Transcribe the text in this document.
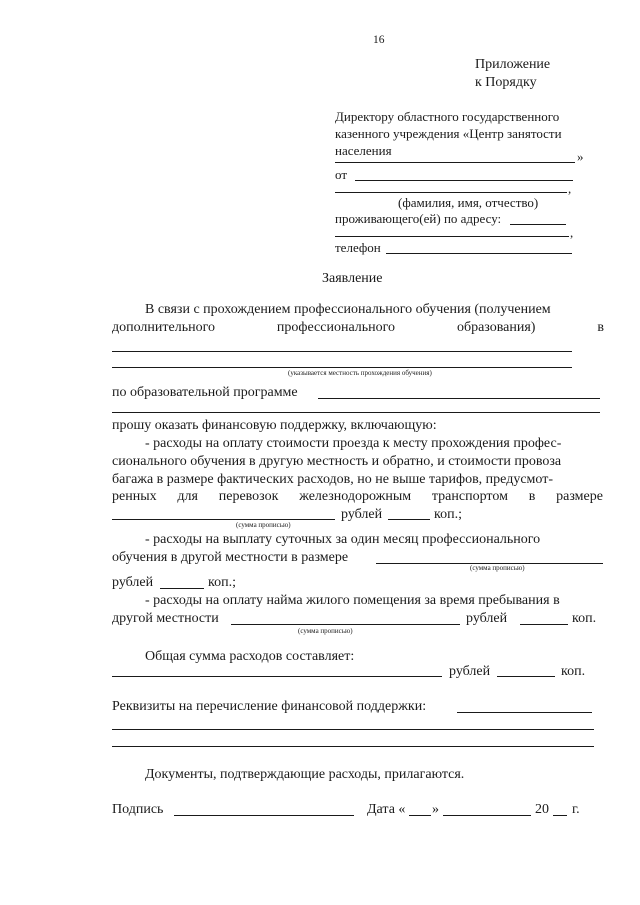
16
Приложение
к Порядку
Директору областного государственного
казенного учреждения «Центр занятости
населения	»
от
,
(фамилия, имя, отчество)
проживающего(ей) по адресу:
,
телефон
Заявление
В связи с прохождением профессионального обучения (получением
дополнительного	профессионального	образования)	в
(указывается местность прохождения обучения)
по образовательной программе
прошу оказать финансовую поддержку, включающую:
- расходы на оплату стоимости проезда к месту прохождения профес-
сионального обучения в другую местность и обратно, и стоимости провоза
багажа в размере фактических расходов, но не выше тарифов, предусмот-
ренных для перевозок железнодорожным транспортом в размере
рублей	коп.;
(сумма прописью)
- расходы на выплату суточных за один месяц профессионального
обучения в другой местности в размере
(сумма прописью)
рублей	коп.;
- расходы на оплату найма жилого помещения за время пребывания в
другой местности	рублей	коп.
(сумма прописью)
Общая сумма расходов составляет:
рублей	коп.
Реквизиты на перечисление финансовой поддержки:
Документы, подтверждающие расходы, прилагаются.
Подпись	Дата « »	20 г.
